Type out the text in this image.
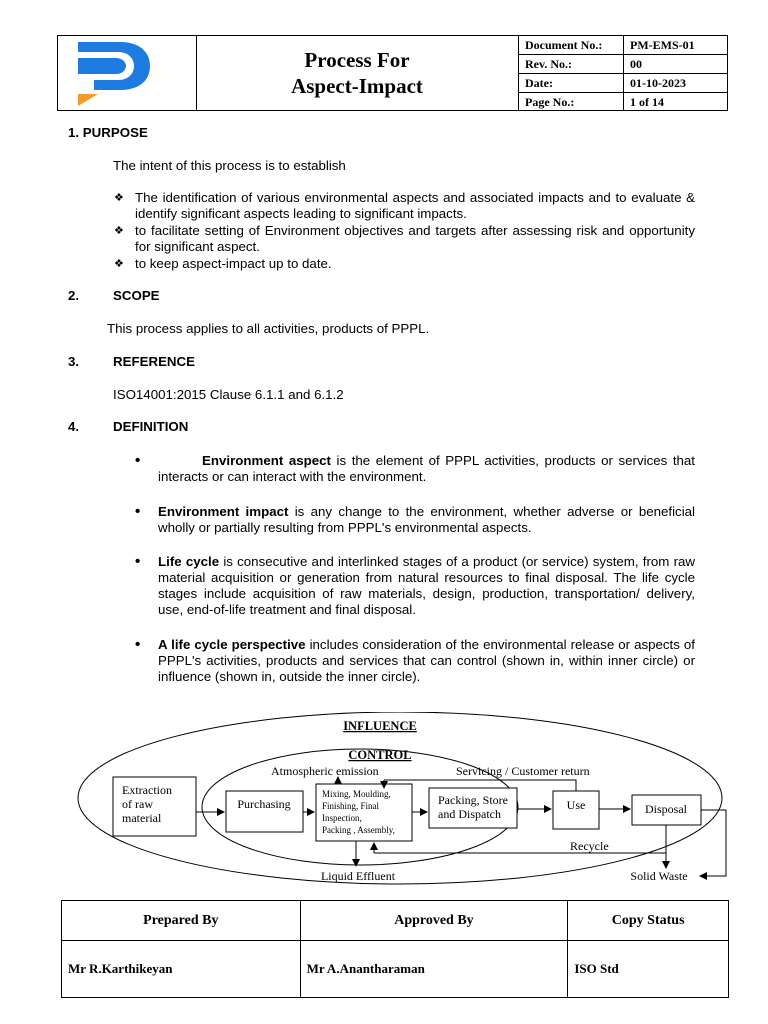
Process For
Aspect-Impact
Document No.:	PM-EMS-01
Rev. No.:	00
Date:	01-10-2023
Page No.:	1 of 14
1. PURPOSE
The intent of this process is to establish
❖ The identification of various environmental aspects and associated impacts and to evaluate & identify significant aspects leading to significant impacts.
❖ to facilitate setting of Environment objectives and targets after assessing risk and opportunity for significant aspect.
❖ to keep aspect-impact up to date.
2.	SCOPE
This process applies to all activities, products of PPPL.
3.	REFERENCE
ISO14001:2015 Clause 6.1.1 and 6.1.2
4.	DEFINITION
•	Environment aspect is the element of PPPL activities, products or services that interacts or can interact with the environment.
• Environment impact is any change to the environment, whether adverse or beneficial wholly or partially resulting from PPPL's environmental aspects.
• Life cycle is consecutive and interlinked stages of a product (or service) system, from raw material acquisition or generation from natural resources to final disposal. The life cycle stages include acquisition of raw materials, design, production, transportation/ delivery, use, end-of-life treatment and final disposal.
• A life cycle perspective includes consideration of the environmental release or aspects of PPPL's activities, products and services that can control (shown in, within inner circle) or influence (shown in, outside the inner circle).
INFLUENCE
CONTROL
Atmospheric emission	Servicing / Customer return
Extraction
of raw
material
Purchasing
Mixing, Moulding,
Finishing, Final
Inspection,
Packing , Assembly,
Packing, Store
and Dispatch
Use	Disposal
Recycle
Liquid Effluent	Solid Waste
Prepared By	Approved By	Copy Status
Mr R.Karthikeyan	Mr A.Anantharaman	ISO Std
